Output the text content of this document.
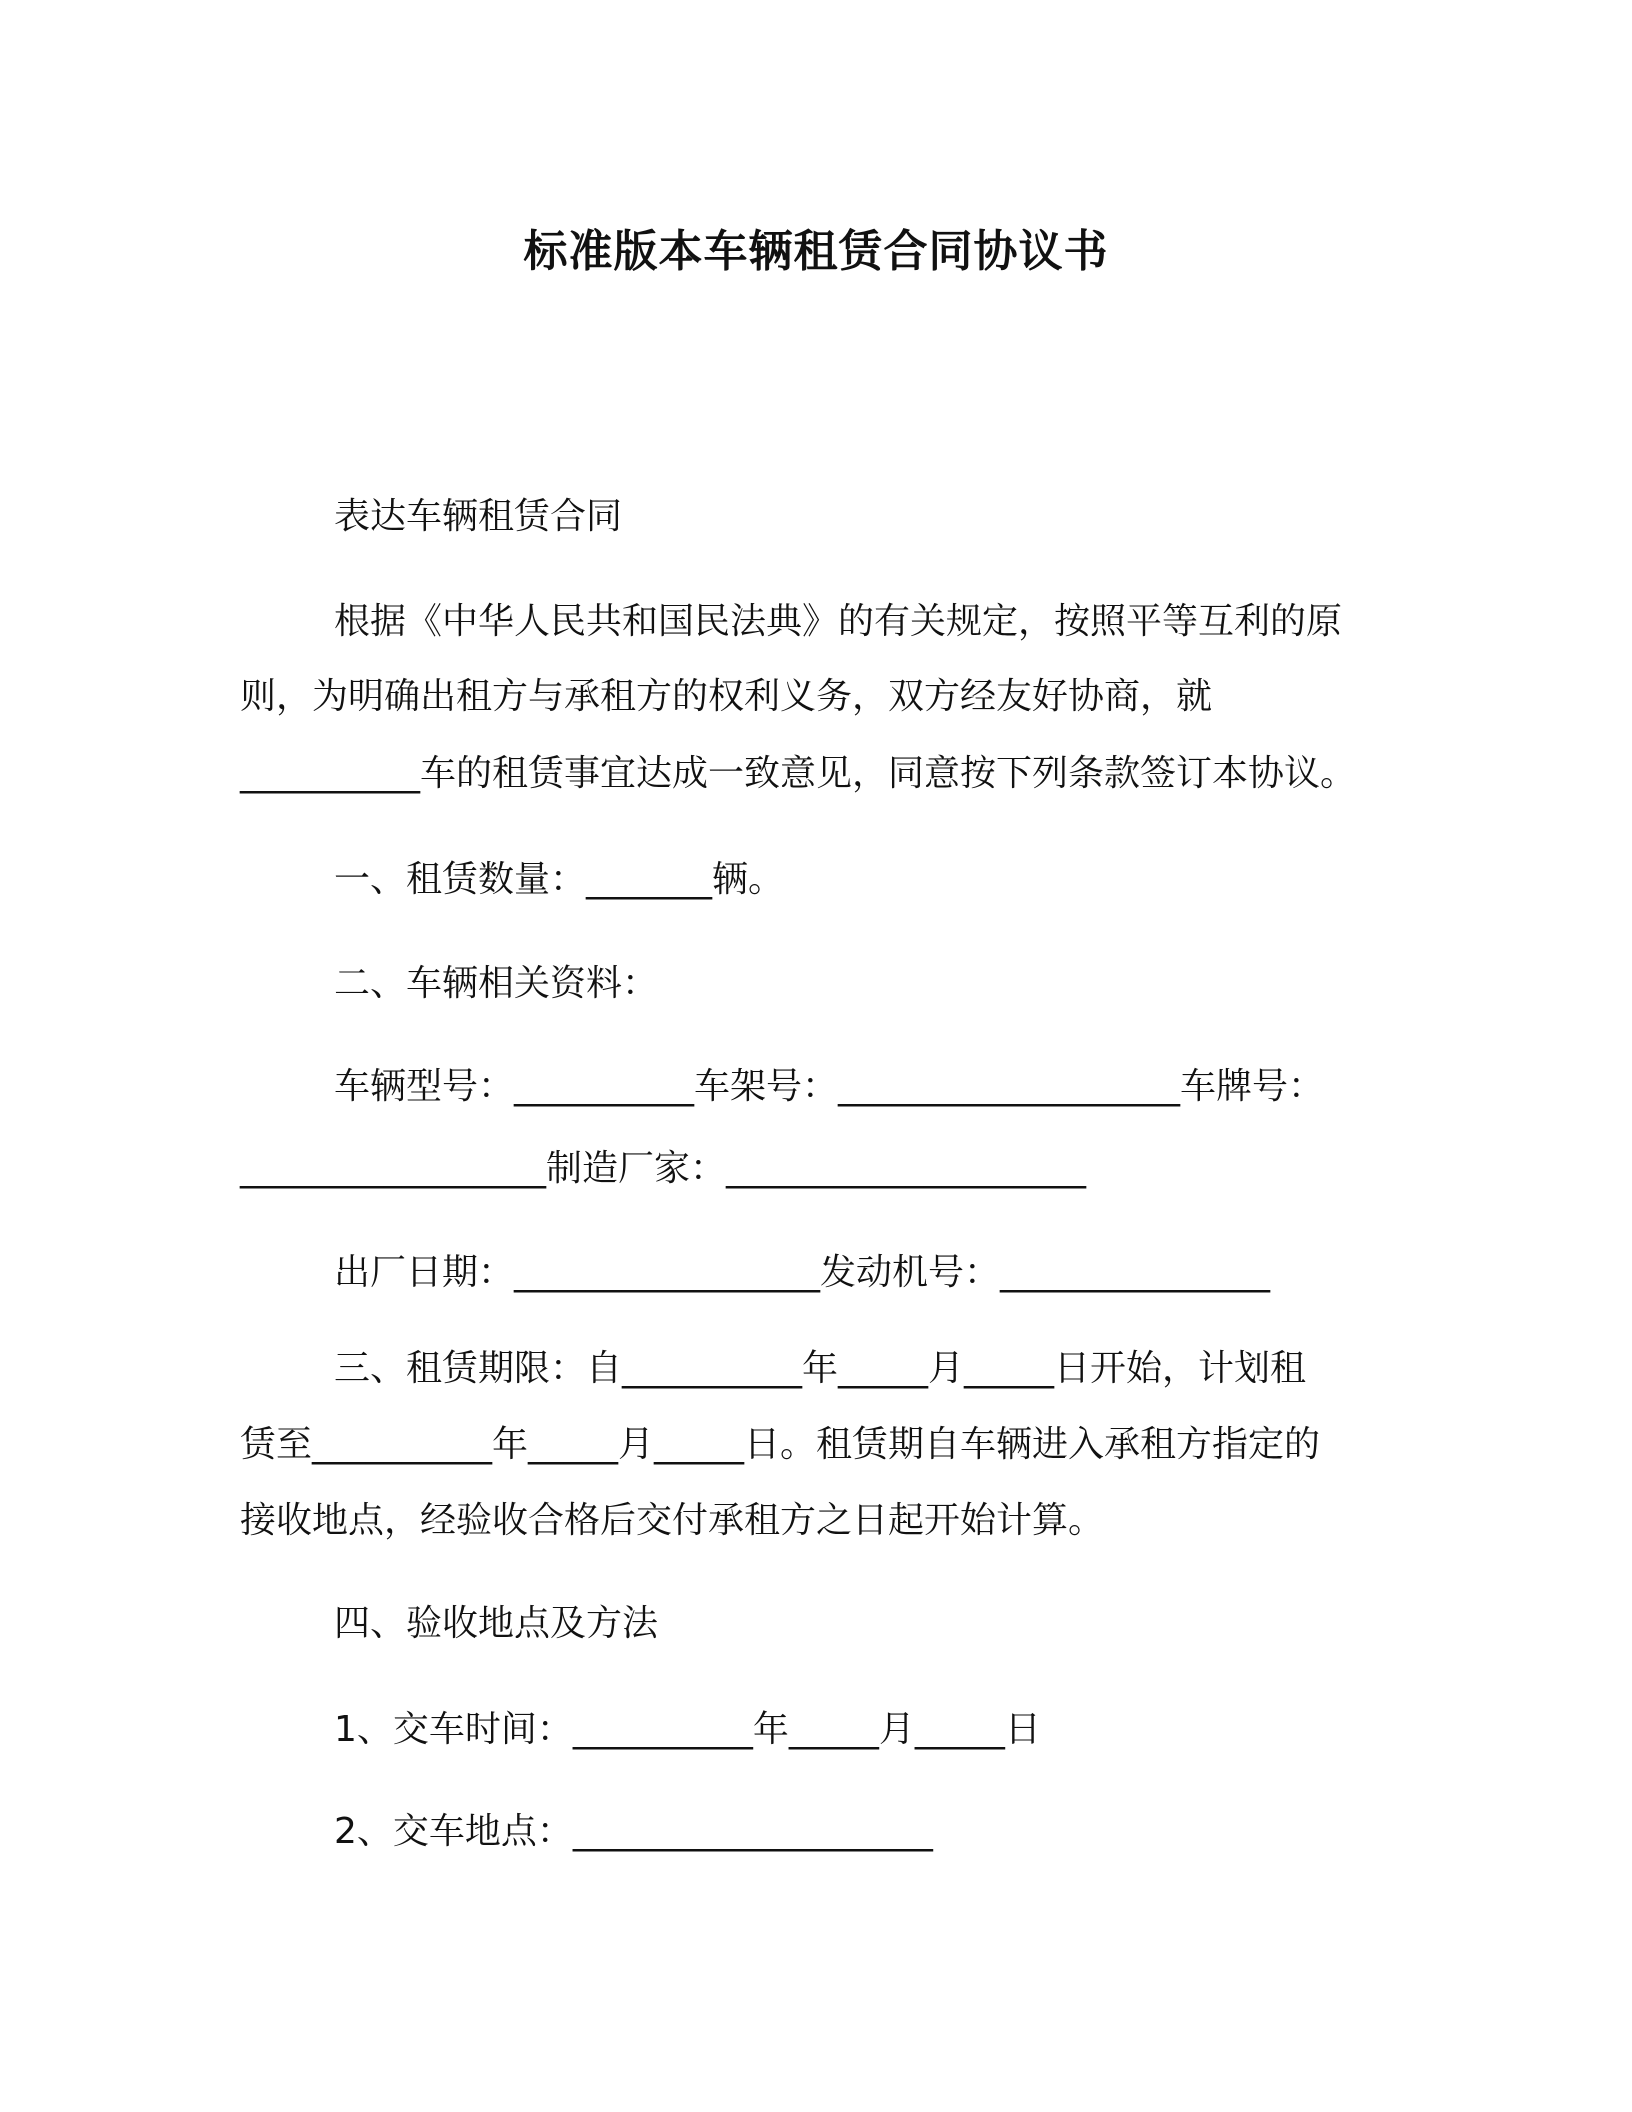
标准版本车辆租赁合同协议书
表达车辆租赁合同
根据《中华人民共和国民法典》的有关规定，按照平等互利的原
则，为明确出租方与承租方的权利义务，双方经友好协商，就
__________车的租赁事宜达成一致意见，同意按下列条款签订本协议。
一、租赁数量：_______辆。
二、车辆相关资料：
车辆型号：__________车架号：___________________车牌号：
_________________制造厂家：____________________
出厂日期：_________________发动机号：_______________
三、租赁期限：自__________年_____月_____日开始，计划租
赁至__________年_____月_____日。租赁期自车辆进入承租方指定的
接收地点，经验收合格后交付承租方之日起开始计算。
四、验收地点及方法
1、交车时间：__________年_____月_____日
2、交车地点：____________________
